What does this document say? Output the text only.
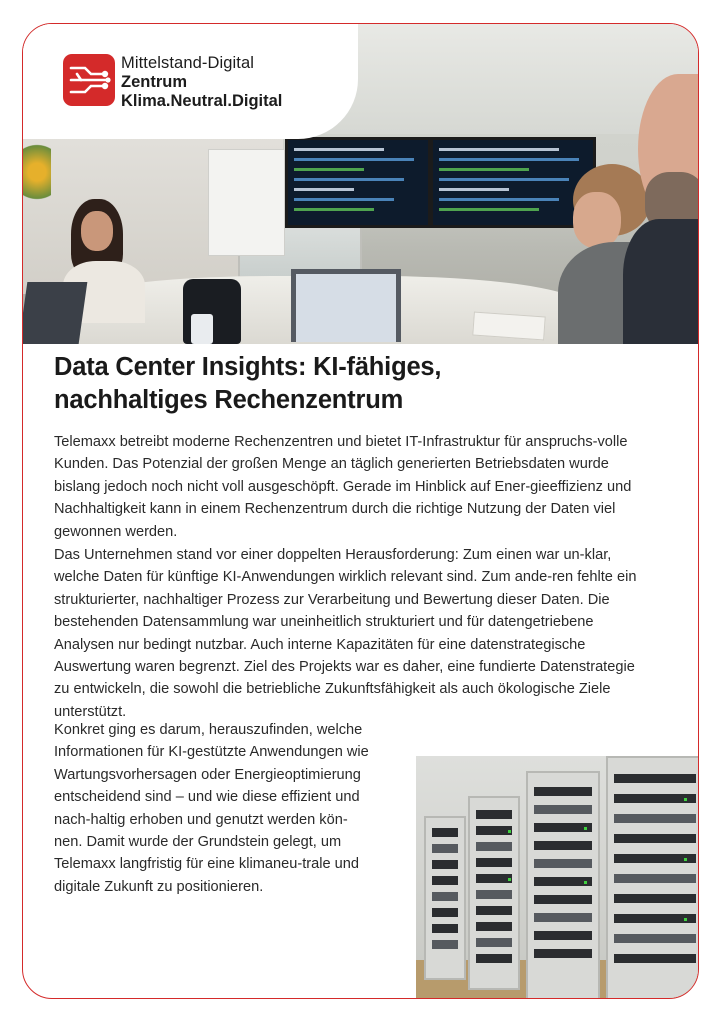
Mittelstand-Digital
Zentrum
Klima.Neutral.Digital
Data Center Insights: KI-fähiges,
nachhaltiges Rechenzentrum

Telemaxx betreibt moderne Rechenzentren und bietet IT-Infrastruktur für anspruchs-volle Kunden. Das Potenzial der großen Menge an täglich generierten Betriebsdaten wurde bislang jedoch noch nicht voll ausgeschöpft. Gerade im Hinblick auf Ener-gieeffizienz und Nachhaltigkeit kann in einem Rechenzentrum durch die richtige Nutzung der Daten viel gewonnen werden.

Das Unternehmen stand vor einer doppelten Herausforderung: Zum einen war un-klar, welche Daten für künftige KI-Anwendungen wirklich relevant sind. Zum ande-ren fehlte ein strukturierter, nachhaltiger Prozess zur Verarbeitung und Bewertung dieser Daten. Die bestehenden Datensammlung war uneinheitlich strukturiert und für datengetriebene Analysen nur bedingt nutzbar. Auch interne Kapazitäten für eine datenstrategische Auswertung waren begrenzt. Ziel des Projekts war es daher, eine fundierte Datenstrategie zu entwickeln, die sowohl die betriebliche Zukunftsfähigkeit als auch ökologische Ziele unterstützt.

Konkret ging es darum, herauszufinden, welche Informationen für KI-gestützte Anwendungen wie Wartungsvorhersagen oder Energieoptimierung entscheidend sind – und wie diese effizient und nach-haltig erhoben und genutzt werden kön-nen. Damit wurde der Grundstein gelegt, um Telemaxx langfristig für eine klimaneu-trale und digitale Zukunft zu positionieren.
